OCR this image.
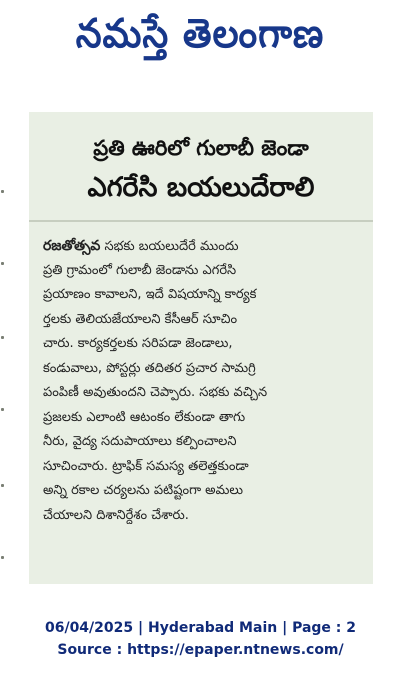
నమస్తే తెలంగాణ
ప్రతి ఊరిలో గులాబీ జెండా
ఎగరేసి బయలుదేరాలి
రజతోత్సవ సభకు బయలుదేరే ముందు
ప్రతి గ్రామంలో గులాబీ జెండాను ఎగరేసి
ప్రయాణం కావాలని, ఇదే విషయాన్ని కార్యక
ర్తలకు తెలియజేయాలని కేసీఆర్ సూచిం
చారు. కార్యకర్తలకు సరిపడా జెండాలు,
కండువాలు, పోస్టర్లు తదితర ప్రచార సామగ్రి
పంపిణీ అవుతుందని చెప్పారు. సభకు వచ్చిన
ప్రజలకు ఎలాంటి ఆటంకం లేకుండా తాగు
నీరు, వైద్య సదుపాయాలు కల్పించాలని
సూచించారు. ట్రాఫిక్ సమస్య తలెత్తకుండా
అన్ని రకాల చర్యలను పటిష్టంగా అమలు
చేయాలని దిశానిర్దేశం చేశారు.
06/04/2025 | Hyderabad Main | Page : 2
Source : https://epaper.ntnews.com/
